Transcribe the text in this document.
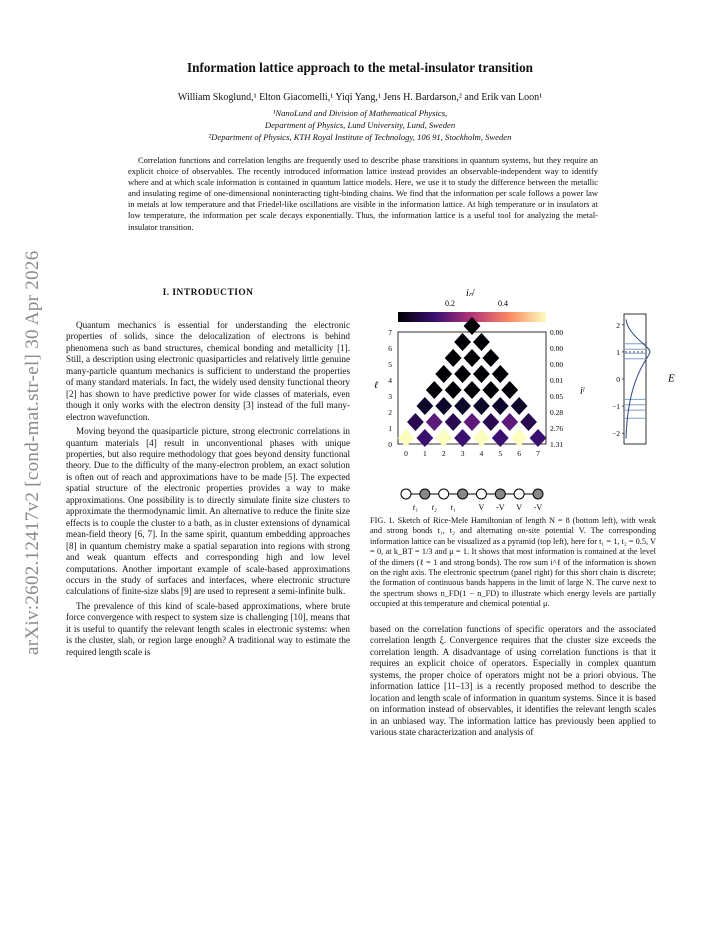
arXiv:2602.12417v2 [cond-mat.str-el] 30 Apr 2026
Information lattice approach to the metal-insulator transition
William Skoglund,¹ Elton Giacomelli,¹ Yiqi Yang,¹ Jens H. Bardarson,² and Erik van Loon¹
¹NanoLund and Division of Mathematical Physics,
Department of Physics, Lund University, Lund, Sweden
²Department of Physics, KTH Royal Institute of Technology, 106 91, Stockholm, Sweden
Correlation functions and correlation lengths are frequently used to describe phase transitions in quantum systems, but they require an explicit choice of observables. The recently introduced information lattice instead provides an observable-independent way to identify where and at which scale information is contained in quantum lattice models. Here, we use it to study the difference between the metallic and insulating regime of one-dimensional noninteracting tight-binding chains. We find that the information per scale follows a power law in metals at low temperature and that Friedel-like oscillations are visible in the information lattice. At high temperature or in insulators at low temperature, the information per scale decays exponentially. Thus, the information lattice is a useful tool for analyzing the metal-insulator transition.
I. INTRODUCTION

Quantum mechanics is essential for understanding the electronic properties of solids, since the delocalization of electrons is behind phenomena such as band structures, chemical bonding and metallicity [1]. Still, a description using electronic quasiparticles and relatively little genuine many-particle quantum mechanics is sufficient to understand the properties of many standard materials. In fact, the widely used density functional theory [2] has shown to have predictive power for wide classes of materials, even though it only works with the electron density [3] instead of the full many-electron wavefunction.

Moving beyond the quasiparticle picture, strong electronic correlations in quantum materials [4] result in unconventional phases with unique properties, but also require methodology that goes beyond density functional theory. Due to the difficulty of the many-electron problem, an exact solution is often out of reach and approximations have to be made [5]. The expected spatial structure of the electronic properties provides a way to make approximations. One possibility is to directly simulate finite size clusters to approximate the thermodynamic limit. An alternative to reduce the finite size effects is to couple the cluster to a bath, as in cluster extensions of dynamical mean-field theory [6, 7]. In the same spirit, quantum embedding approaches [8] in quantum chemistry make a spatial separation into regions with strong and weak quantum effects and corresponding high and low level computations. Another important example of scale-based approximations occurs in the study of surfaces and interfaces, where electronic structure calculations of finite-size slabs [9] are used to represent a semi-infinite bulk.

The prevalence of this kind of scale-based approximations, where brute force convergence with respect to system size is challenging [10], means that it is useful to quantify the relevant length scales in electronic systems: when is the cluster, slab, or region large enough? A traditional way to estimate the required length scale is

iₙˡ
0.2	0.4
0
1
2
3
4
5
6
7
ℓ
0 1 2 3 4 5 6 7
1.31
2.76
0.28
0.05
0.01
0.00
0.00
0.00
iˡ
t₁ t₂ t₁	V -V V -V
2
1
0
−1
−2
E
FIG. 1. Sketch of Rice-Mele Hamiltonian of length N = 8 (bottom left), with weak and strong bonds t₁, t₂ and alternating on-site potential V. The corresponding information lattice can be visualized as a pyramid (top left), here for t₁ = 1, t₂ = 0.5, V = 0, at k_BT = 1/3 and μ = 1. It shows that most information is contained at the level of the dimers (ℓ = 1 and strong bonds). The row sum i^ℓ of the information is shown on the right axis. The electronic spectrum (panel right) for this short chain is discrete; the formation of continuous bands happens in the limit of large N. The curve next to the spectrum shows n_FD(1 − n_FD) to illustrate which energy levels are partially occupied at this temperature and chemical potential μ.

based on the correlation functions of specific operators and the associated correlation length ξ. Convergence requires that the cluster size exceeds the correlation length. A disadvantage of using correlation functions is that it requires an explicit choice of operators. Especially in complex quantum systems, the proper choice of operators might not be a priori obvious. The information lattice [11–13] is a recently proposed method to describe the location and length scale of information in quantum systems. Since it is based on information instead of observables, it identifies the relevant length scales in an unbiased way. The information lattice has previously been applied to various state characterization and analysis of
